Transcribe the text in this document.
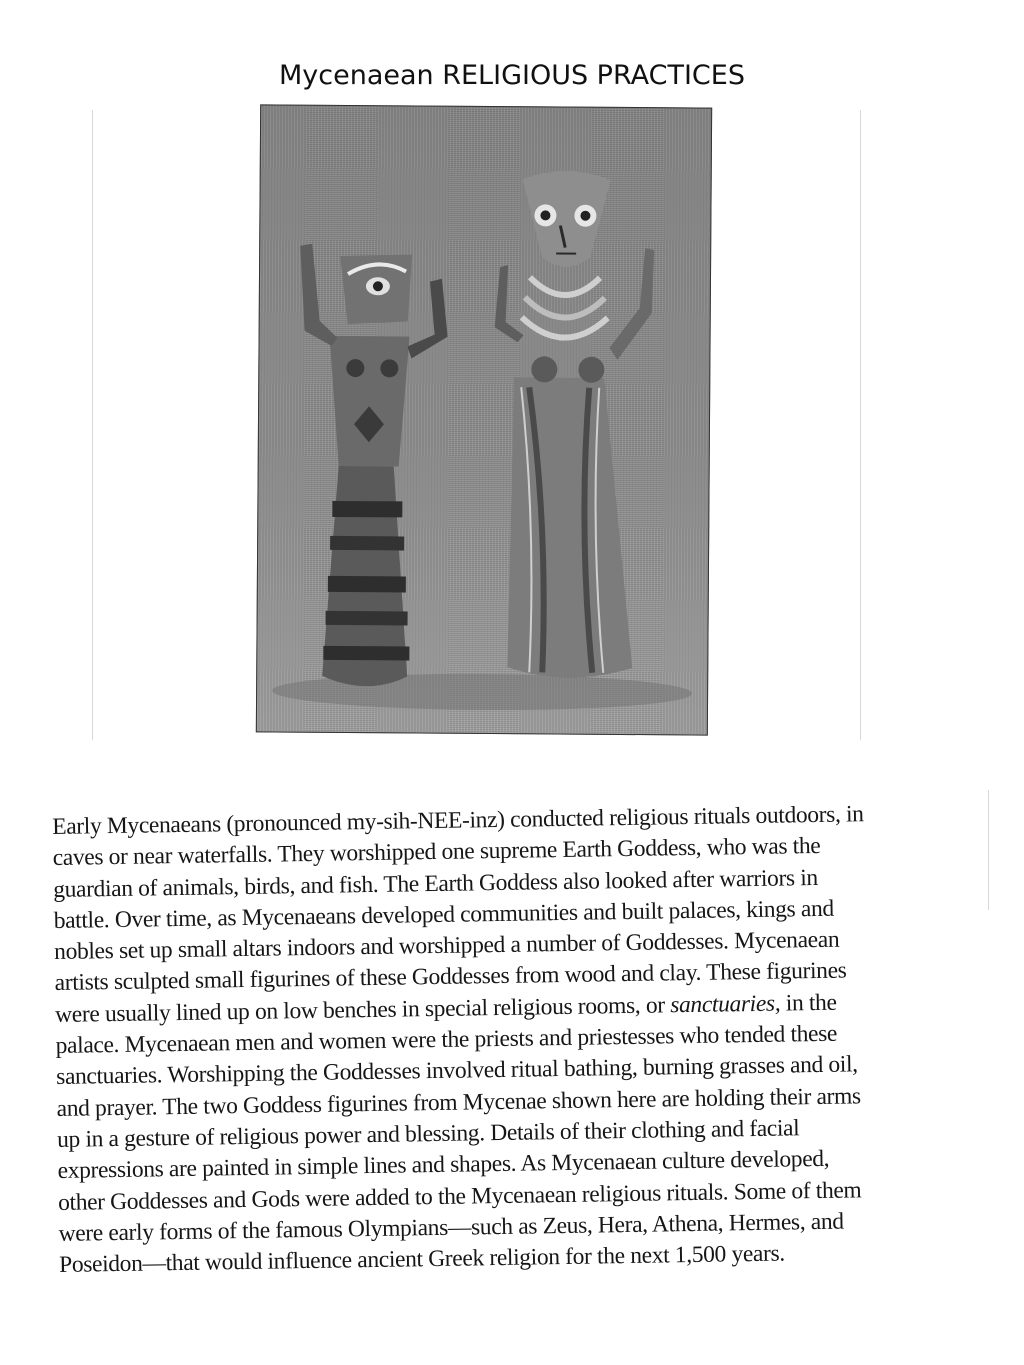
Mycenaean RELIGIOUS PRACTICES
Early Mycenaeans (pronounced my-sih-NEE-inz) conducted religious rituals outdoors, in
caves or near waterfalls. They worshipped one supreme Earth Goddess, who was the
guardian of animals, birds, and fish. The Earth Goddess also looked after warriors in
battle. Over time, as Mycenaeans developed communities and built palaces, kings and
nobles set up small altars indoors and worshipped a number of Goddesses. Mycenaean
artists sculpted small figurines of these Goddesses from wood and clay. These figurines
were usually lined up on low benches in special religious rooms, or sanctuaries, in the
palace. Mycenaean men and women were the priests and priestesses who tended these
sanctuaries. Worshipping the Goddesses involved ritual bathing, burning grasses and oil,
and prayer. The two Goddess figurines from Mycenae shown here are holding their arms
up in a gesture of religious power and blessing. Details of their clothing and facial
expressions are painted in simple lines and shapes. As Mycenaean culture developed,
other Goddesses and Gods were added to the Mycenaean religious rituals. Some of them
were early forms of the famous Olympians—such as Zeus, Hera, Athena, Hermes, and
Poseidon—that would influence ancient Greek religion for the next 1,500 years.
